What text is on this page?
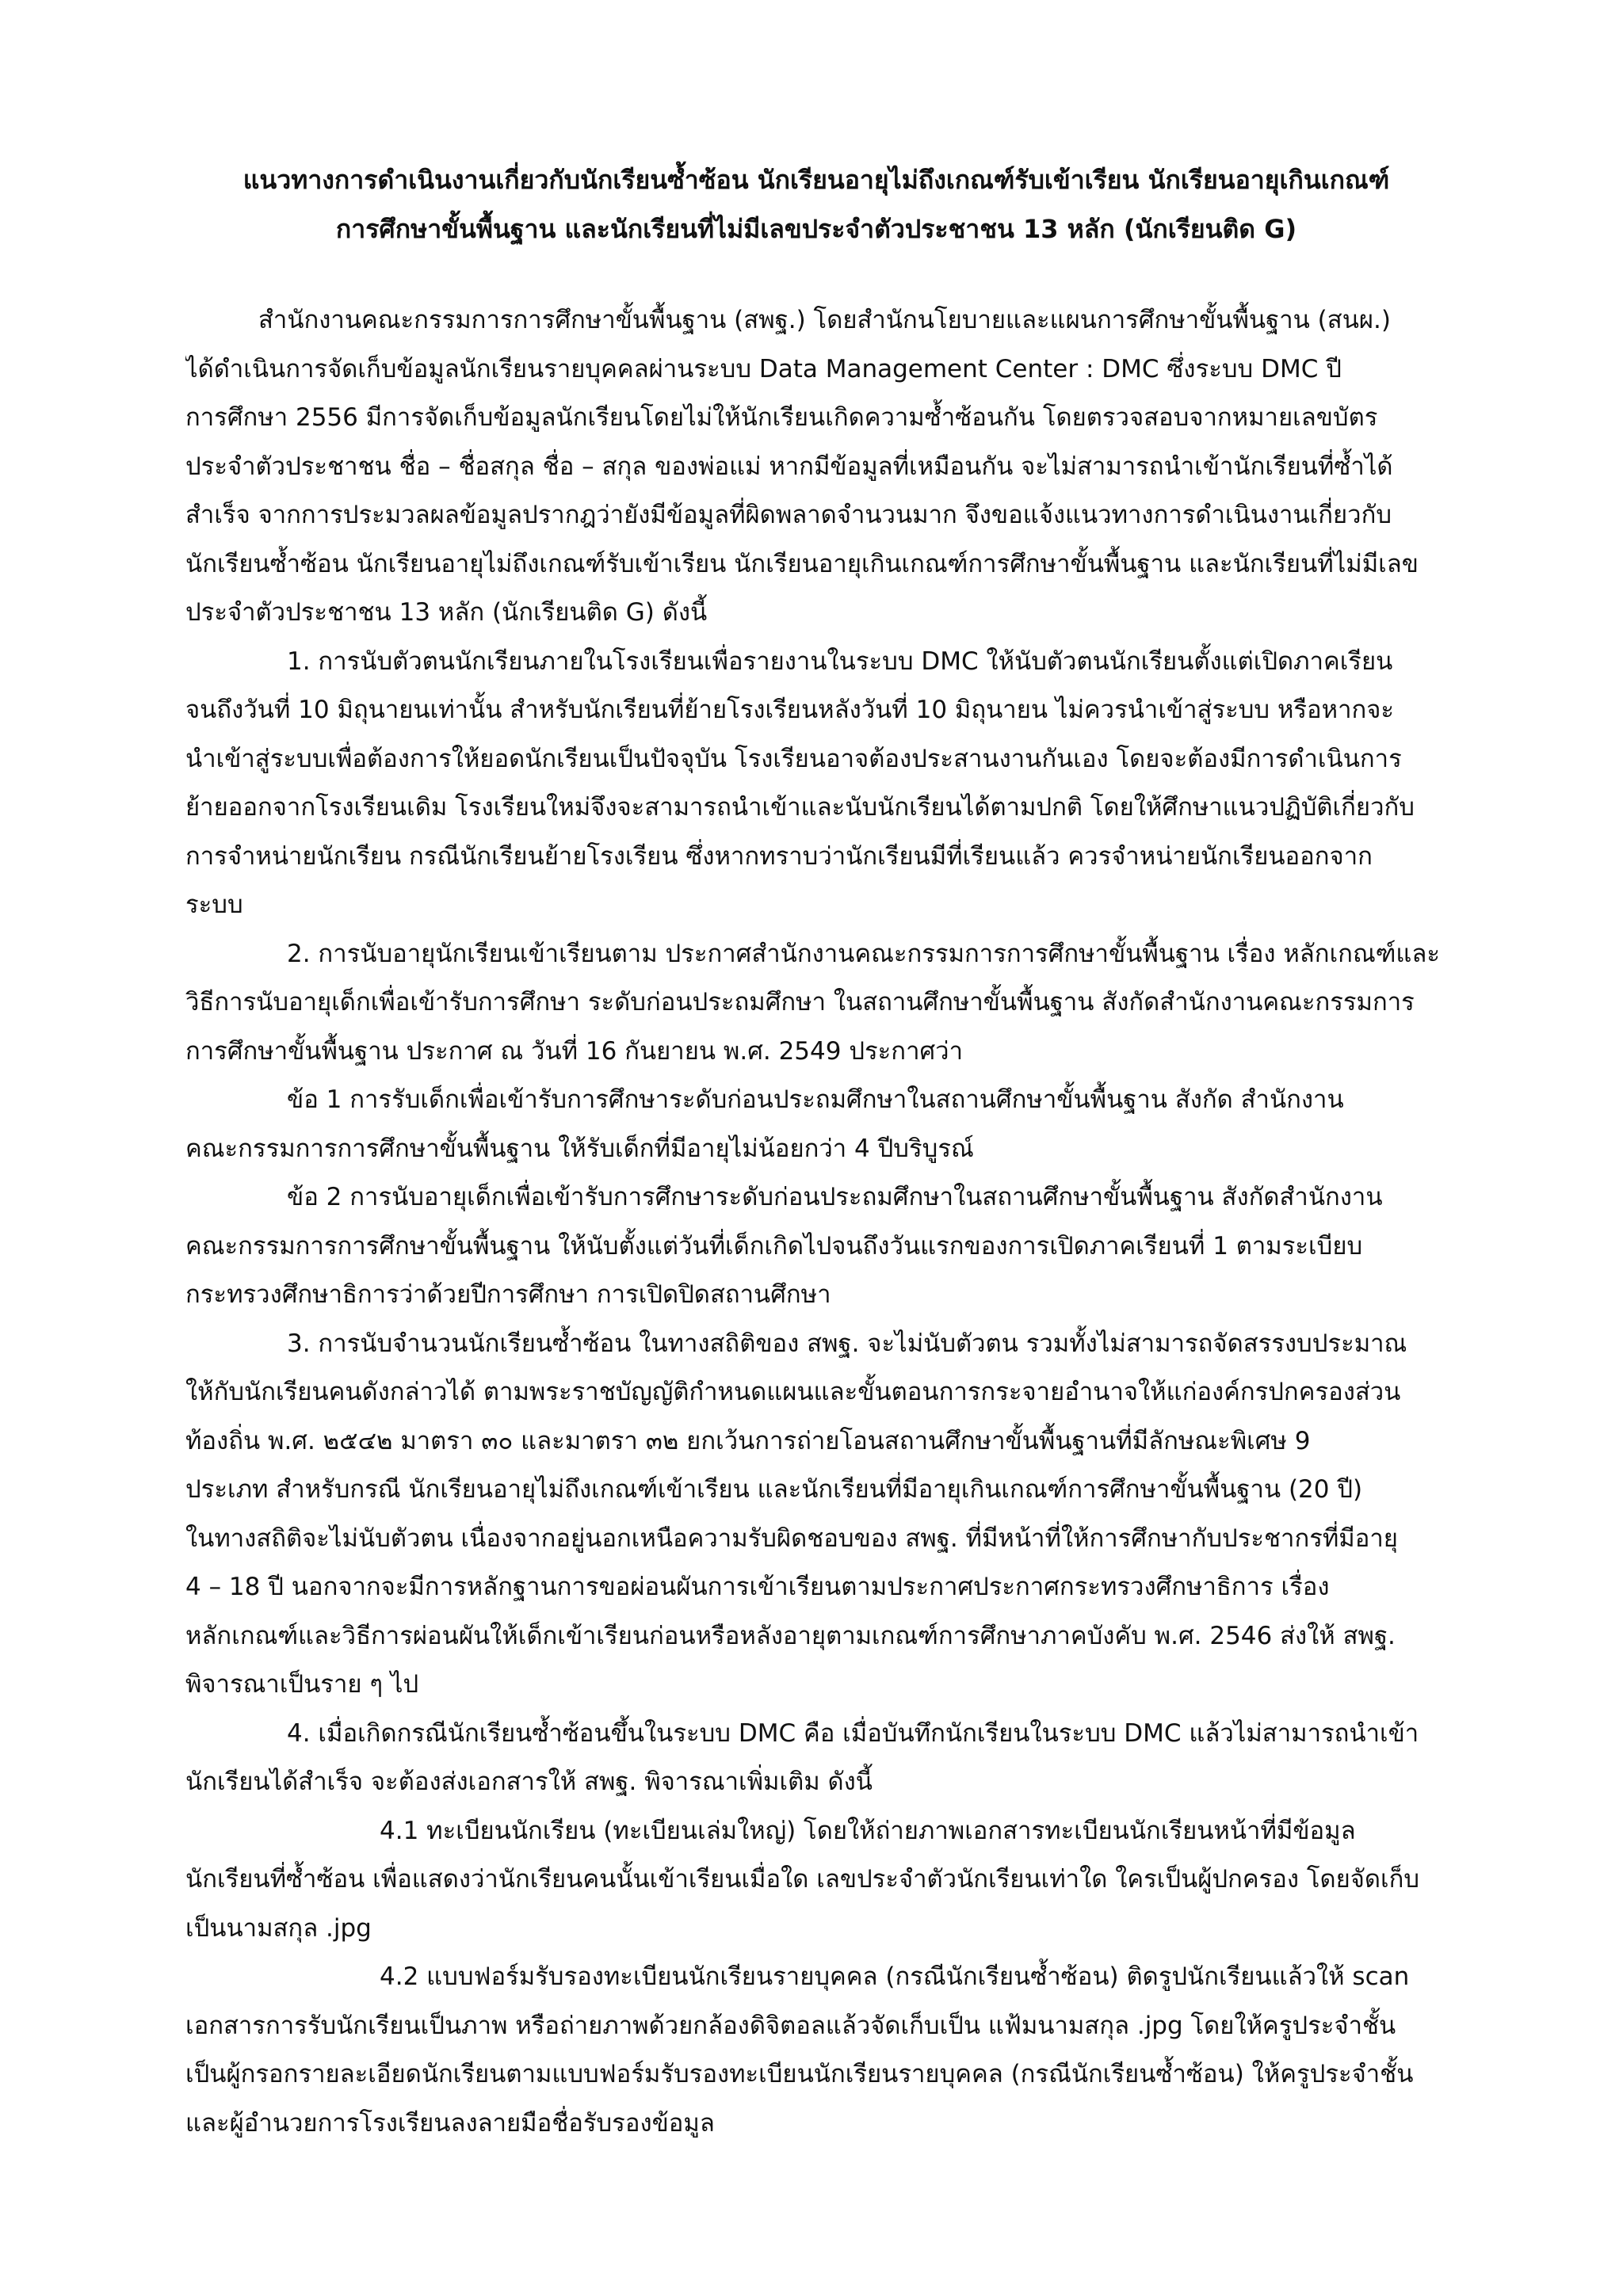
แนวทางการดำเนินงานเกี่ยวกับนักเรียนซ้ำซ้อน นักเรียนอายุไม่ถึงเกณฑ์รับเข้าเรียน นักเรียนอายุเกินเกณฑ์
การศึกษาขั้นพื้นฐาน และนักเรียนที่ไม่มีเลขประจำตัวประชาชน 13 หลัก (นักเรียนติด G)
สำนักงานคณะกรรมการการศึกษาขั้นพื้นฐาน (สพฐ.) โดยสำนักนโยบายและแผนการศึกษาขั้นพื้นฐาน (สนผ.)
ได้ดำเนินการจัดเก็บข้อมูลนักเรียนรายบุคคลผ่านระบบ Data Management Center : DMC ซึ่งระบบ DMC ปี
การศึกษา 2556 มีการจัดเก็บข้อมูลนักเรียนโดยไม่ให้นักเรียนเกิดความซ้ำซ้อนกัน โดยตรวจสอบจากหมายเลขบัตร
ประจำตัวประชาชน ชื่อ – ชื่อสกุล ชื่อ – สกุล ของพ่อแม่ หากมีข้อมูลที่เหมือนกัน จะไม่สามารถนำเข้านักเรียนที่ซ้ำได้
สำเร็จ จากการประมวลผลข้อมูลปรากฎว่ายังมีข้อมูลที่ผิดพลาดจำนวนมาก จึงขอแจ้งแนวทางการดำเนินงานเกี่ยวกับ
นักเรียนซ้ำซ้อน นักเรียนอายุไม่ถึงเกณฑ์รับเข้าเรียน นักเรียนอายุเกินเกณฑ์การศึกษาขั้นพื้นฐาน และนักเรียนที่ไม่มีเลข
ประจำตัวประชาชน 13 หลัก (นักเรียนติด G) ดังนี้
1. การนับตัวตนนักเรียนภายในโรงเรียนเพื่อรายงานในระบบ DMC ให้นับตัวตนนักเรียนตั้งแต่เปิดภาคเรียน
จนถึงวันที่ 10 มิถุนายนเท่านั้น สำหรับนักเรียนที่ย้ายโรงเรียนหลังวันที่ 10 มิถุนายน ไม่ควรนำเข้าสู่ระบบ หรือหากจะ
นำเข้าสู่ระบบเพื่อต้องการให้ยอดนักเรียนเป็นปัจจุบัน โรงเรียนอาจต้องประสานงานกันเอง โดยจะต้องมีการดำเนินการ
ย้ายออกจากโรงเรียนเดิม โรงเรียนใหม่จึงจะสามารถนำเข้าและนับนักเรียนได้ตามปกติ โดยให้ศึกษาแนวปฏิบัติเกี่ยวกับ
การจำหน่ายนักเรียน กรณีนักเรียนย้ายโรงเรียน ซึ่งหากทราบว่านักเรียนมีที่เรียนแล้ว ควรจำหน่ายนักเรียนออกจาก
ระบบ
2. การนับอายุนักเรียนเข้าเรียนตาม ประกาศสำนักงานคณะกรรมการการศึกษาขั้นพื้นฐาน เรื่อง หลักเกณฑ์และ
วิธีการนับอายุเด็กเพื่อเข้ารับการศึกษา ระดับก่อนประถมศึกษา ในสถานศึกษาขั้นพื้นฐาน สังกัดสำนักงานคณะกรรมการ
การศึกษาขั้นพื้นฐาน ประกาศ ณ วันที่ 16 กันยายน พ.ศ. 2549 ประกาศว่า
ข้อ 1 การรับเด็กเพื่อเข้ารับการศึกษาระดับก่อนประถมศึกษาในสถานศึกษาขั้นพื้นฐาน สังกัด สำนักงาน
คณะกรรมการการศึกษาขั้นพื้นฐาน ให้รับเด็กที่มีอายุไม่น้อยกว่า 4 ปีบริบูรณ์
ข้อ 2 การนับอายุเด็กเพื่อเข้ารับการศึกษาระดับก่อนประถมศึกษาในสถานศึกษาขั้นพื้นฐาน สังกัดสำนักงาน
คณะกรรมการการศึกษาขั้นพื้นฐาน ให้นับตั้งแต่วันที่เด็กเกิดไปจนถึงวันแรกของการเปิดภาคเรียนที่ 1 ตามระเบียบ
กระทรวงศึกษาธิการว่าด้วยปีการศึกษา การเปิดปิดสถานศึกษา
3. การนับจำนวนนักเรียนซ้ำซ้อน ในทางสถิติของ สพฐ. จะไม่นับตัวตน รวมทั้งไม่สามารถจัดสรรงบประมาณ
ให้กับนักเรียนคนดังกล่าวได้ ตามพระราชบัญญัติกำหนดแผนและขั้นตอนการกระจายอำนาจให้แก่องค์กรปกครองส่วน
ท้องถิ่น พ.ศ. ๒๕๔๒ มาตรา ๓๐ และมาตรา ๓๒ ยกเว้นการถ่ายโอนสถานศึกษาขั้นพื้นฐานที่มีลักษณะพิเศษ 9
ประเภท สำหรับกรณี นักเรียนอายุไม่ถึงเกณฑ์เข้าเรียน และนักเรียนที่มีอายุเกินเกณฑ์การศึกษาขั้นพื้นฐาน (20 ปี)
ในทางสถิติจะไม่นับตัวตน เนื่องจากอยู่นอกเหนือความรับผิดชอบของ สพฐ. ที่มีหน้าที่ให้การศึกษากับประชากรที่มีอายุ
4 – 18 ปี นอกจากจะมีการหลักฐานการขอผ่อนผันการเข้าเรียนตามประกาศประกาศกระทรวงศึกษาธิการ เรื่อง
หลักเกณฑ์และวิธีการผ่อนผันให้เด็กเข้าเรียนก่อนหรือหลังอายุตามเกณฑ์การศึกษาภาคบังคับ พ.ศ. 2546 ส่งให้ สพฐ.
พิจารณาเป็นราย ๆ ไป
4. เมื่อเกิดกรณีนักเรียนซ้ำซ้อนขึ้นในระบบ DMC คือ เมื่อบันทึกนักเรียนในระบบ DMC แล้วไม่สามารถนำเข้า
นักเรียนได้สำเร็จ จะต้องส่งเอกสารให้ สพฐ. พิจารณาเพิ่มเติม ดังนี้
4.1 ทะเบียนนักเรียน (ทะเบียนเล่มใหญ่) โดยให้ถ่ายภาพเอกสารทะเบียนนักเรียนหน้าที่มีข้อมูล
นักเรียนที่ซ้ำซ้อน เพื่อแสดงว่านักเรียนคนนั้นเข้าเรียนเมื่อใด เลขประจำตัวนักเรียนเท่าใด ใครเป็นผู้ปกครอง โดยจัดเก็บ
เป็นนามสกุล .jpg
4.2 แบบฟอร์มรับรองทะเบียนนักเรียนรายบุคคล (กรณีนักเรียนซ้ำซ้อน) ติดรูปนักเรียนแล้วให้ scan
เอกสารการรับนักเรียนเป็นภาพ หรือถ่ายภาพด้วยกล้องดิจิตอลแล้วจัดเก็บเป็น แฟ้มนามสกุล .jpg โดยให้ครูประจำชั้น
เป็นผู้กรอกรายละเอียดนักเรียนตามแบบฟอร์มรับรองทะเบียนนักเรียนรายบุคคล (กรณีนักเรียนซ้ำซ้อน) ให้ครูประจำชั้น
และผู้อำนวยการโรงเรียนลงลายมือชื่อรับรองข้อมูล
